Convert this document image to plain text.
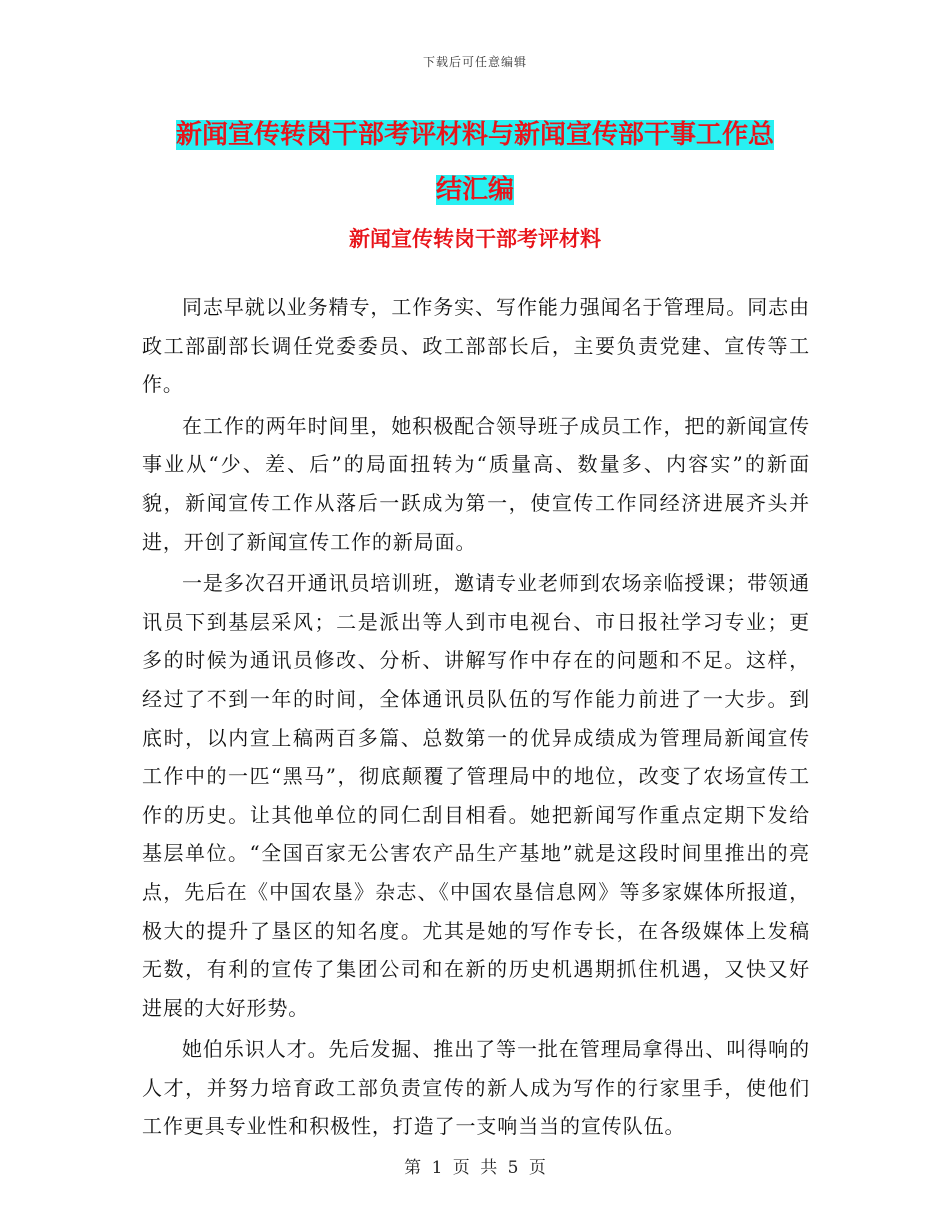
下载后可任意编辑
新闻宣传转岗干部考评材料与新闻宣传部干事工作总
结汇编
新闻宣传转岗干部考评材料

同志早就以业务精专，工作务实、写作能力强闻名于管理局。同志由政工部副部长调任党委委员、政工部部长后，主要负责党建、宣传等工作。

在工作的两年时间里，她积极配合领导班子成员工作，把的新闻宣传事业从“少、差、后”的局面扭转为“质量高、数量多、内容实”的新面貌，新闻宣传工作从落后一跃成为第一，使宣传工作同经济进展齐头并进，开创了新闻宣传工作的新局面。

一是多次召开通讯员培训班，邀请专业老师到农场亲临授课；带领通讯员下到基层采风；二是派出等人到市电视台、市日报社学习专业；更多的时候为通讯员修改、分析、讲解写作中存在的问题和不足。这样，经过了不到一年的时间，全体通讯员队伍的写作能力前进了一大步。到底时，以内宣上稿两百多篇、总数第一的优异成绩成为管理局新闻宣传工作中的一匹“黑马”，彻底颠覆了管理局中的地位，改变了农场宣传工作的历史。让其他单位的同仁刮目相看。她把新闻写作重点定期下发给基层单位。“全国百家无公害农产品生产基地”就是这段时间里推出的亮点，先后在《中国农垦》杂志、《中国农垦信息网》等多家媒体所报道，极大的提升了垦区的知名度。尤其是她的写作专长，在各级媒体上发稿无数，有利的宣传了集团公司和在新的历史机遇期抓住机遇，又快又好进展的大好形势。

她伯乐识人才。先后发掘、推出了等一批在管理局拿得出、叫得响的人才，并努力培育政工部负责宣传的新人成为写作的行家里手，使他们工作更具专业性和积极性，打造了一支响当当的宣传队伍。

第 1 页 共 5 页
